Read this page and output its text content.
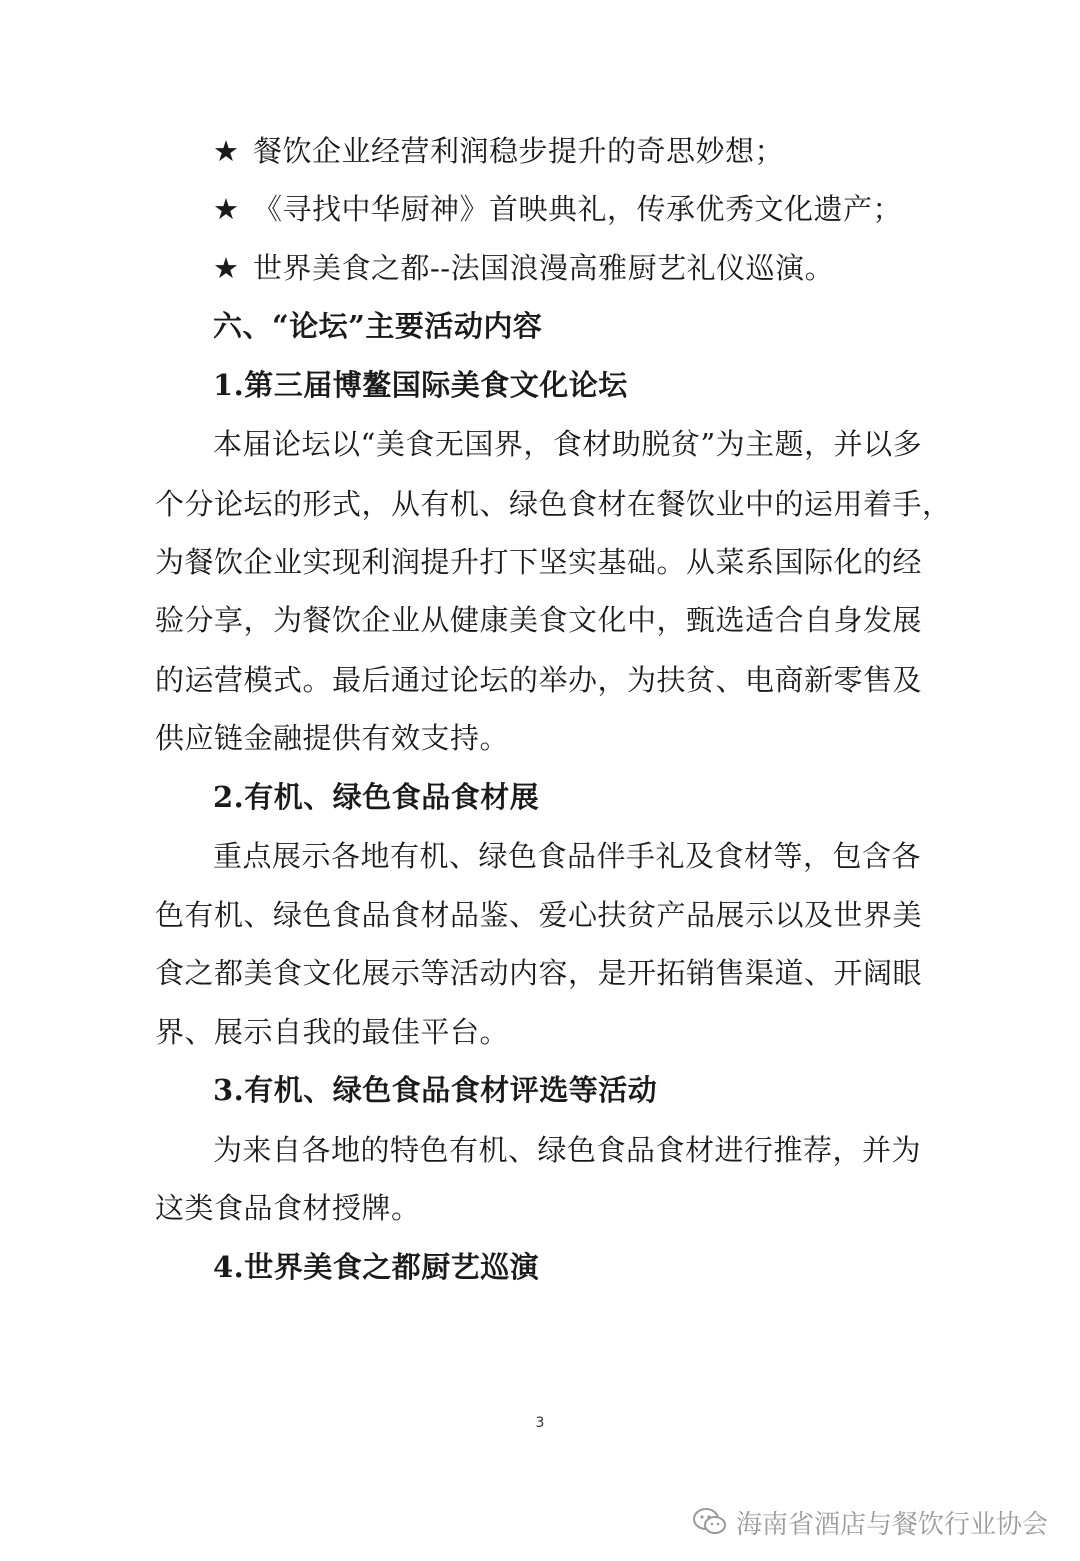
★ 餐饮企业经营利润稳步提升的奇思妙想；
★ 《寻找中华厨神》首映典礼，传承优秀文化遗产；
★ 世界美食之都--法国浪漫高雅厨艺礼仪巡演。
六、“论坛”主要活动内容
1.第三届博鳌国际美食文化论坛
本届论坛以“美食无国界，食材助脱贫”为主题，并以多
个分论坛的形式，从有机、绿色食材在餐饮业中的运用着手，
为餐饮企业实现利润提升打下坚实基础。从菜系国际化的经
验分享，为餐饮企业从健康美食文化中，甄选适合自身发展
的运营模式。最后通过论坛的举办，为扶贫、电商新零售及
供应链金融提供有效支持。
2.有机、绿色食品食材展
重点展示各地有机、绿色食品伴手礼及食材等，包含各
色有机、绿色食品食材品鉴、爱心扶贫产品展示以及世界美
食之都美食文化展示等活动内容，是开拓销售渠道、开阔眼
界、展示自我的最佳平台。
3.有机、绿色食品食材评选等活动
为来自各地的特色有机、绿色食品食材进行推荐，并为
这类食品食材授牌。
4.世界美食之都厨艺巡演
3
海南省酒店与餐饮行业协会
